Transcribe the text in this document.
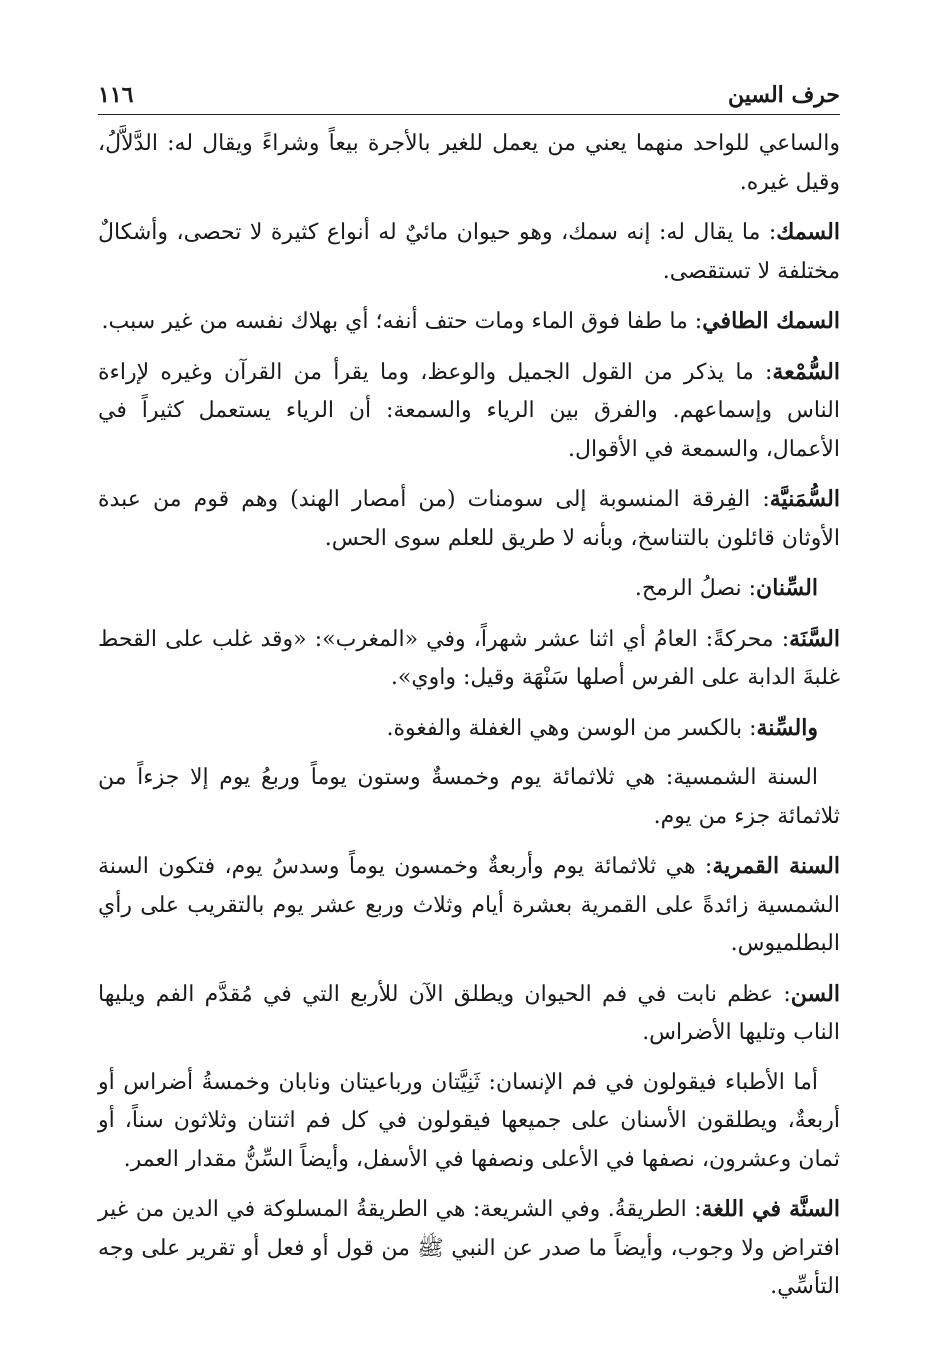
حرف السين
١١٦

والساعي للواحد منهما يعني من يعمل للغير بالأجرة بيعاً وشراءً ويقال له: الدَّلاَّلُ، وقيل غيره.

السمك: ما يقال له: إنه سمك، وهو حيوان مائيٌ له أنواع كثيرة لا تحصى، وأشكالٌ مختلفة لا تستقصى.

السمك الطافي: ما طفا فوق الماء ومات حتف أنفه؛ أي بهلاك نفسه من غير سبب.

السُّمْعة: ما يذكر من القول الجميل والوعظ، وما يقرأ من القرآن وغيره لإراءة الناس وإسماعهم. والفرق بين الرياء والسمعة: أن الرياء يستعمل كثيراً في الأعمال، والسمعة في الأقوال.

السُّمَنيَّة: الفِرقة المنسوبة إلى سومنات (من أمصار الهند) وهم قوم من عبدة الأوثان قائلون بالتناسخ، وبأنه لا طريق للعلم سوى الحس.

السِّنان: نصلُ الرمح.

السَّنَة: محركةً: العامُ أي اثنا عشر شهراً، وفي «المغرب»: «وقد غلب على القحط غلبةَ الدابة على الفرس أصلها سَنْهَة وقيل: واوي».

والسِّنة: بالكسر من الوسن وهي الغفلة والفغوة.

السنة الشمسية: هي ثلاثمائة يوم وخمسةٌ وستون يوماً وربعُ يوم إلا جزءاً من ثلاثمائة جزء من يوم.

السنة القمرية: هي ثلاثمائة يوم وأربعةٌ وخمسون يوماً وسدسُ يوم، فتكون السنة الشمسية زائدةً على القمرية بعشرة أيام وثلاث وربع عشر يوم بالتقريب على رأي البطلميوس.

السن: عظم نابت في فم الحيوان ويطلق الآن للأربع التي في مُقدَّم الفم ويليها الناب وتليها الأضراس.

أما الأطباء فيقولون في فم الإنسان: ثَنِيَّتان ورباعيتان ونابان وخمسةُ أضراس أو أربعةٌ، ويطلقون الأسنان على جميعها فيقولون في كل فم اثنتان وثلاثون سناً، أو ثمان وعشرون، نصفها في الأعلى ونصفها في الأسفل، وأيضاً السِّنُّ مقدار العمر.

السنَّة في اللغة: الطريقةُ. وفي الشريعة: هي الطريقةُ المسلوكة في الدين من غير افتراض ولا وجوب، وأيضاً ما صدر عن النبي ﷺ من قول أو فعل أو تقرير على وجه التأسِّي.
